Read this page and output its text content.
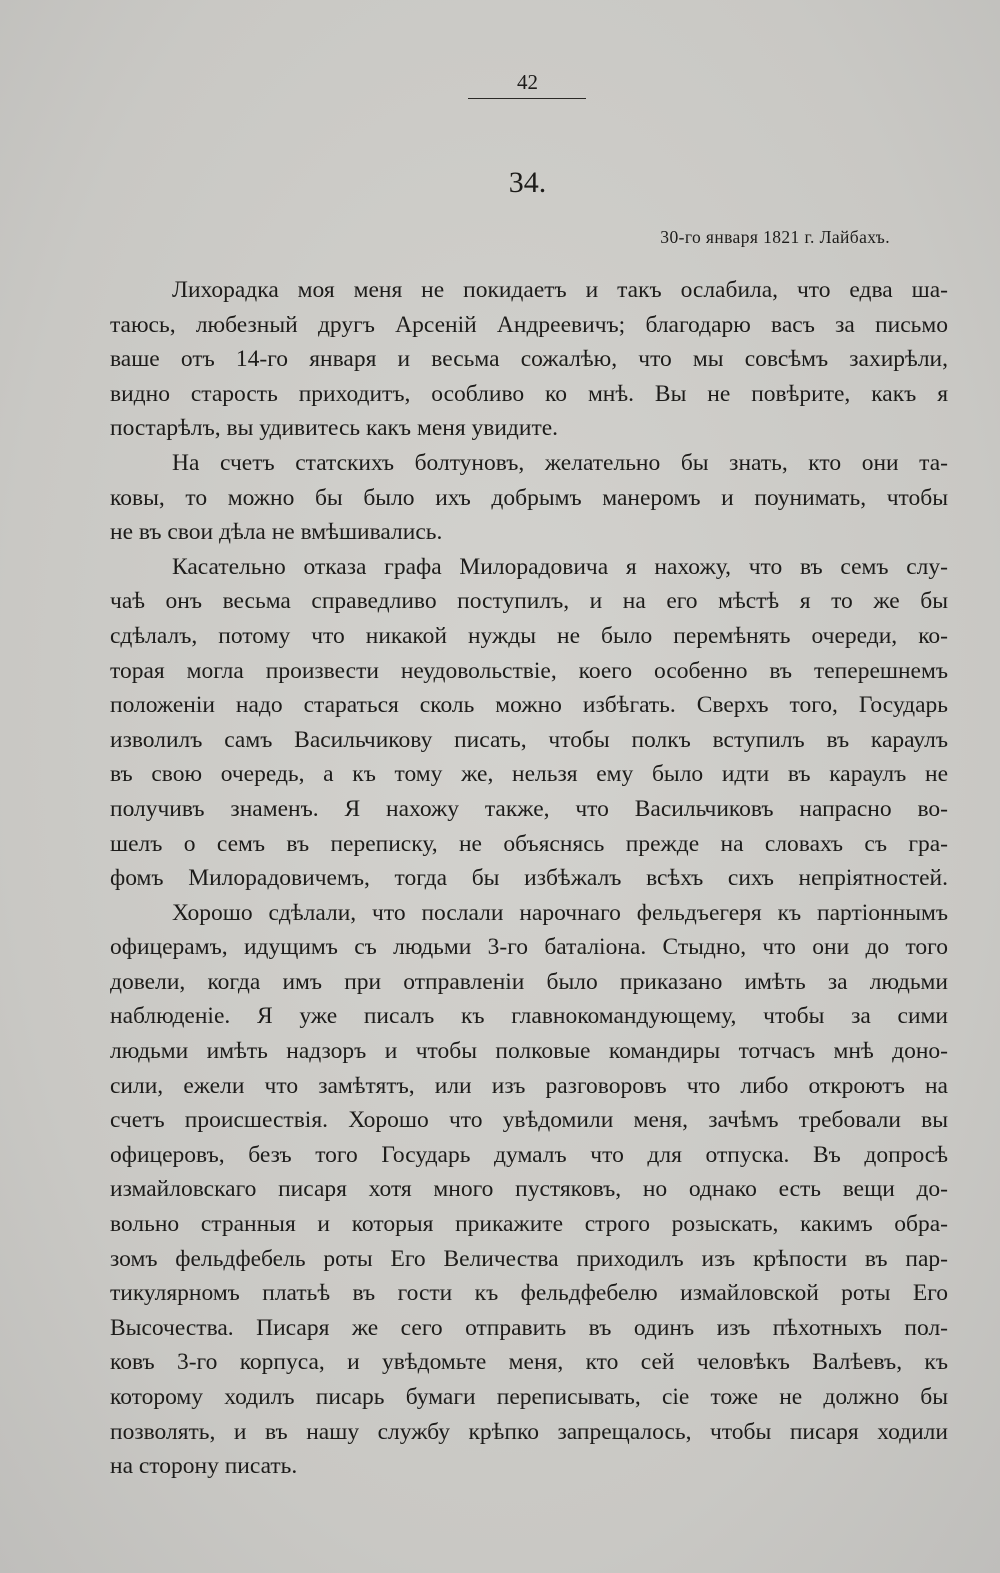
42
34.
30-го января 1821 г. Лайбахъ.
Лихорадка моя меня не покидаетъ и такъ ослабила, что едва ша-
таюсь, любезный другъ Арсенiй Андреевичъ; благодарю васъ за письмо
ваше отъ 14-го января и весьма сожалѣю, что мы совсѣмъ захирѣли,
видно старость приходитъ, особливо ко мнѣ. Вы не повѣрите, какъ я
постарѣлъ, вы удивитесь какъ меня увидите.
На счетъ статскихъ болтуновъ, желательно бы знать, кто они та-
ковы, то можно бы было ихъ добрымъ манеромъ и поунимать, чтобы
не въ свои дѣла не вмѣшивались.
Касательно отказа графа Милорадовича я нахожу, что въ семъ слу-
чаѣ онъ весьма справедливо поступилъ, и на его мѣстѣ я то же бы
сдѣлалъ, потому что никакой нужды не было перемѣнять очереди, ко-
торая могла произвести неудовольствiе, коего особенно въ теперешнемъ
положенiи надо стараться сколь можно избѣгать. Сверхъ того, Государь
изволилъ самъ Васильчикову писать, чтобы полкъ вступилъ въ караулъ
въ свою очередь, а къ тому же, нельзя ему было идти въ караулъ не
получивъ знаменъ. Я нахожу также, что Васильчиковъ напрасно во-
шелъ о семъ въ переписку, не объяснясь прежде на словахъ съ гра-
фомъ Милорадовичемъ, тогда бы избѣжалъ всѣхъ сихъ непрiятностей.
Хорошо сдѣлали, что послали нарочнаго фельдъегеря къ партiоннымъ
офицерамъ, идущимъ съ людьми 3-го баталiона. Стыдно, что они до того
довели, когда имъ при отправленiи было приказано имѣть за людьми
наблюденiе. Я уже писалъ къ главнокомандующему, чтобы за сими
людьми имѣть надзоръ и чтобы полковые командиры тотчасъ мнѣ доно-
сили, ежели что замѣтятъ, или изъ разговоровъ что либо откроютъ на
счетъ происшествiя. Хорошо что увѣдомили меня, зачѣмъ требовали вы
офицеровъ, безъ того Государь думалъ что для отпуска. Въ допросѣ
измайловскаго писаря хотя много пустяковъ, но однако есть вещи до-
вольно странныя и которыя прикажите строго розыскать, какимъ обра-
зомъ фельдфебель роты Его Величества приходилъ изъ крѣпости въ пар-
тикулярномъ платьѣ въ гости къ фельдфебелю измайловской роты Его
Высочества. Писаря же сего отправить въ одинъ изъ пѣхотныхъ пол-
ковъ 3-го корпуса, и увѣдомьте меня, кто сей человѣкъ Валѣевъ, къ
которому ходилъ писарь бумаги переписывать, сiе тоже не должно бы
позволять, и въ нашу службу крѣпко запрещалось, чтобы писаря ходили
на сторону писать.
